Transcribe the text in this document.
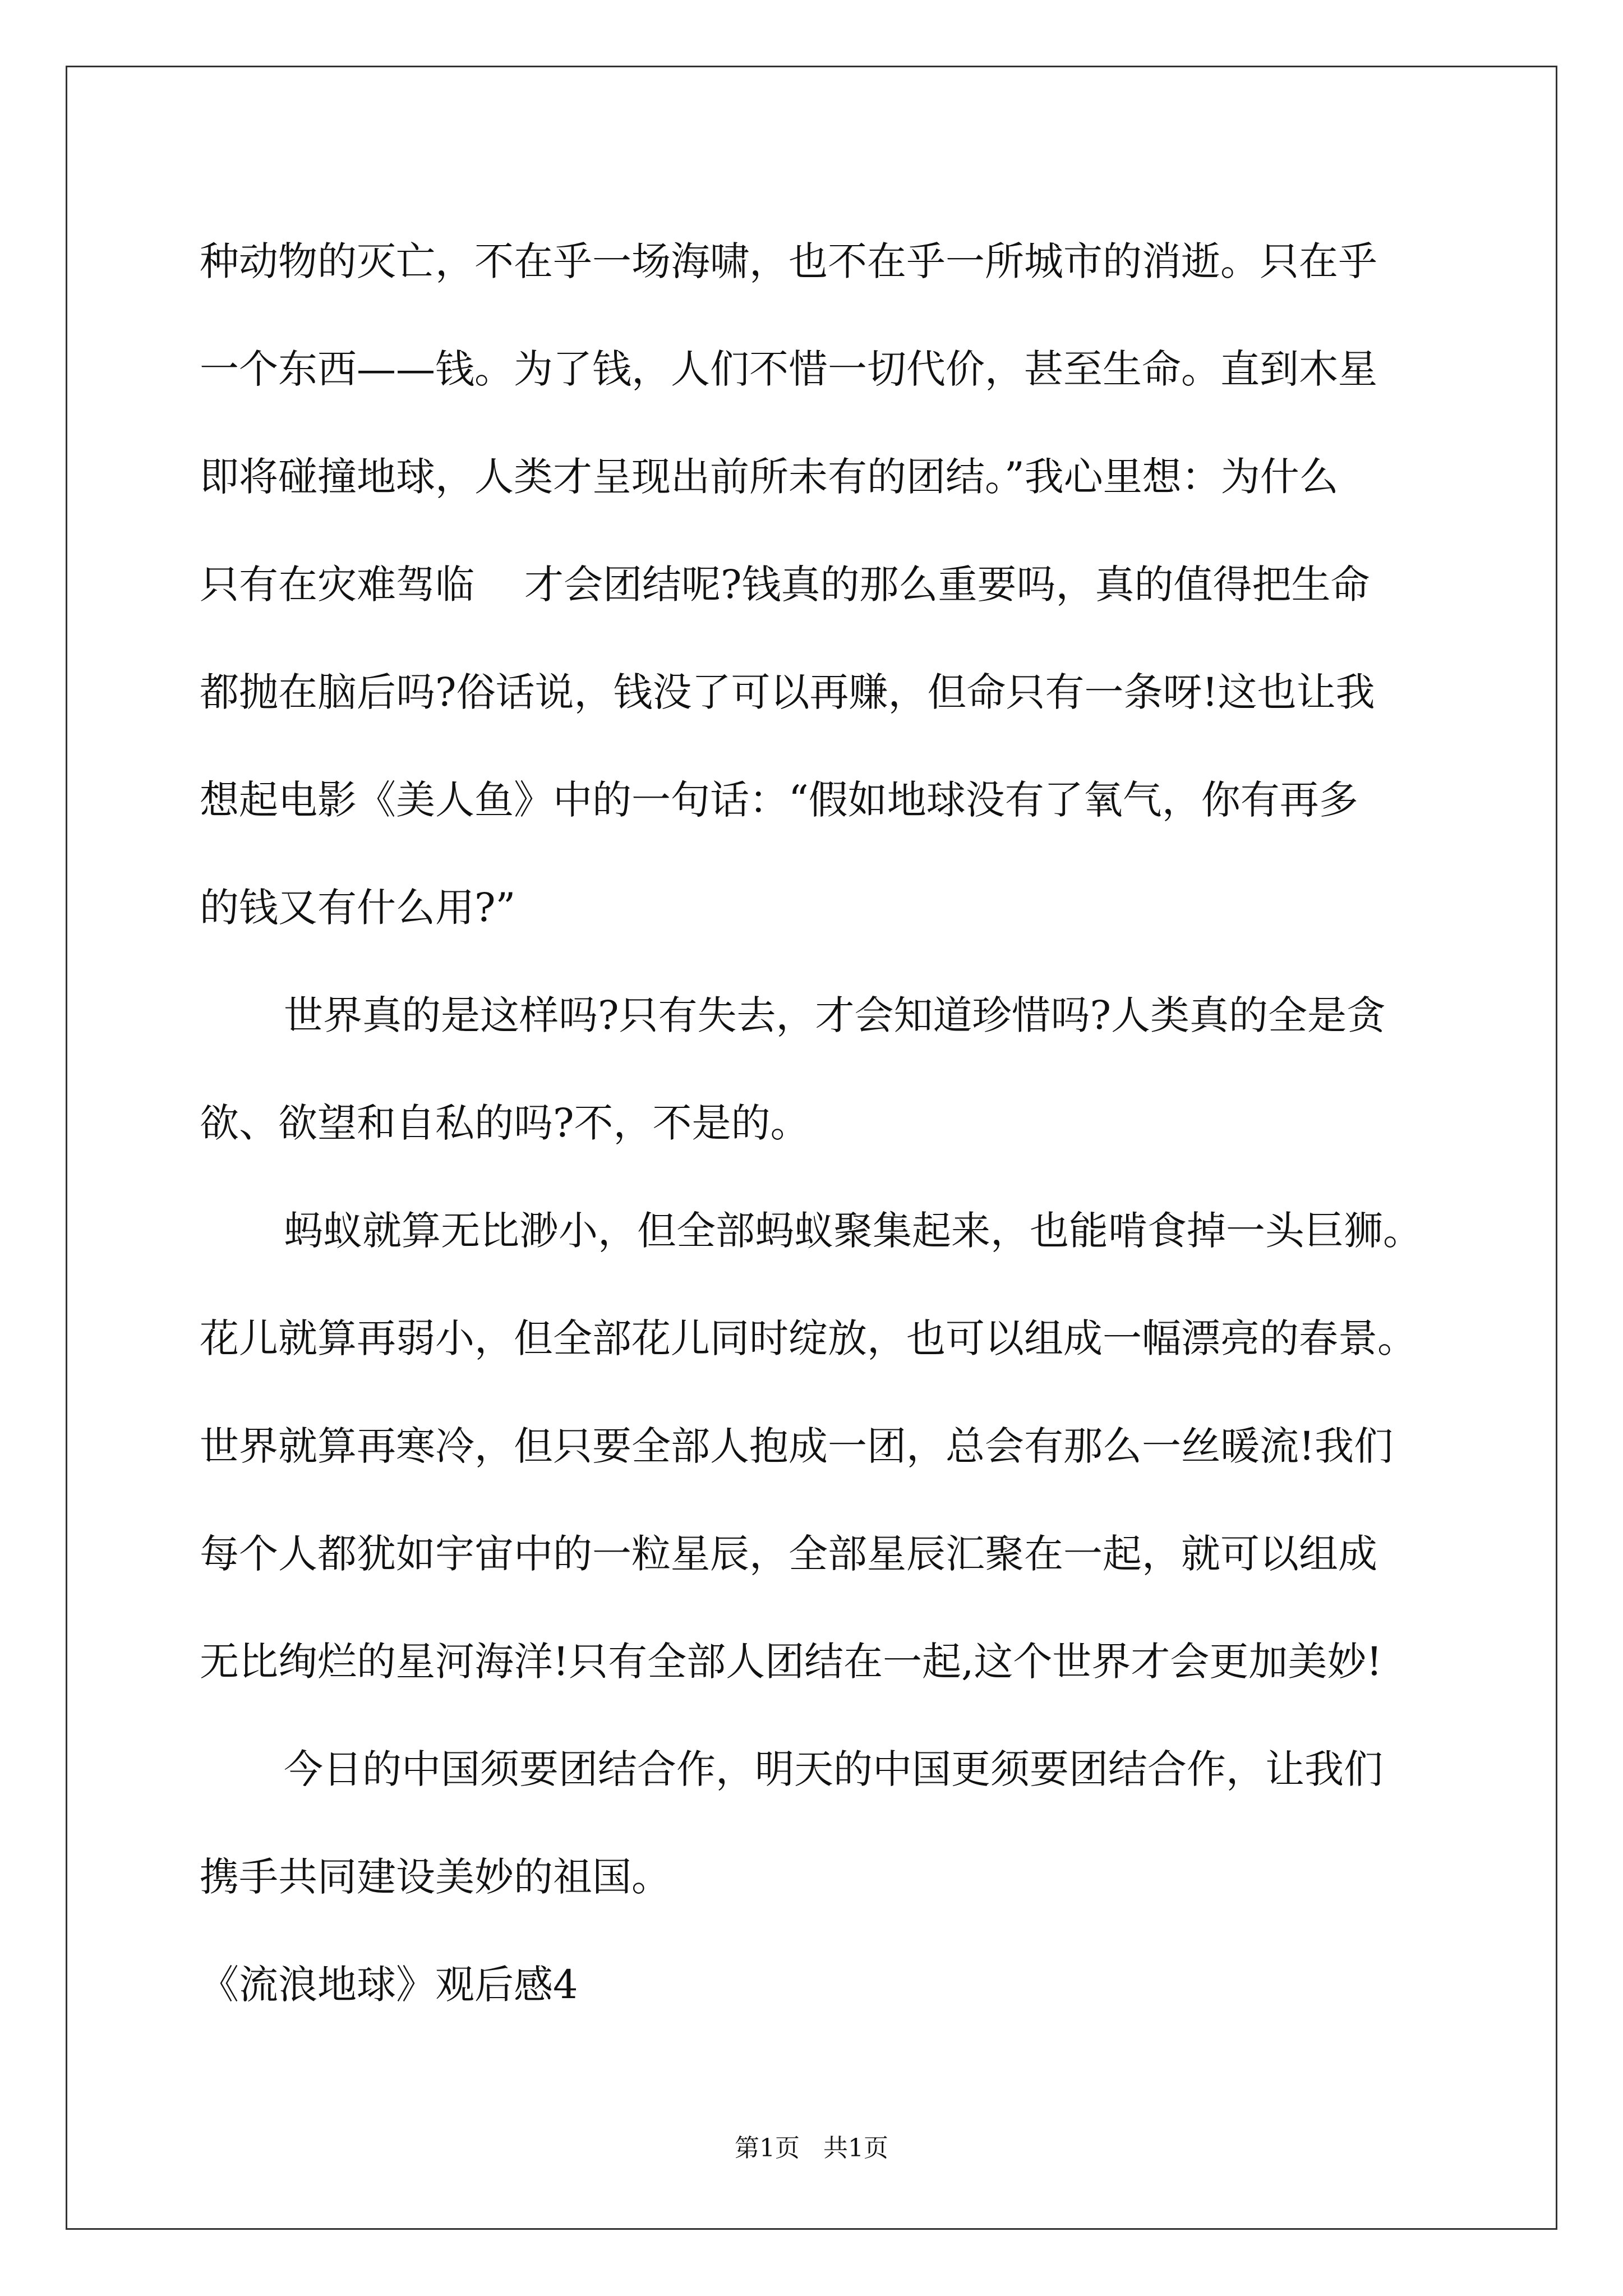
种动物的灭亡，不在乎一场海啸，也不在乎一所城市的消逝。只在乎
一个东西——钱。为了钱，人们不惜一切代价，甚至生命。直到木星
即将碰撞地球，人类才呈现出前所未有的团结。”我心里想：为什么
只有在灾难驾临    才会团结呢?钱真的那么重要吗，真的值得把生命
都抛在脑后吗?俗话说，钱没了可以再赚，但命只有一条呀!这也让我
想起电影《美人鱼》中的一句话：“假如地球没有了氧气，你有再多
的钱又有什么用?”
世界真的是这样吗?只有失去，才会知道珍惜吗?人类真的全是贪
欲、欲望和自私的吗?不，不是的。
蚂蚁就算无比渺小，但全部蚂蚁聚集起来，也能啃食掉一头巨狮。
花儿就算再弱小，但全部花儿同时绽放，也可以组成一幅漂亮的春景。
世界就算再寒冷，但只要全部人抱成一团，总会有那么一丝暖流!我们
每个人都犹如宇宙中的一粒星辰，全部星辰汇聚在一起，就可以组成
无比绚烂的星河海洋!只有全部人团结在一起,这个世界才会更加美妙!
今日的中国须要团结合作，明天的中国更须要团结合作，让我们
携手共同建设美妙的祖国。
《流浪地球》观后感4
第1页   共1页
